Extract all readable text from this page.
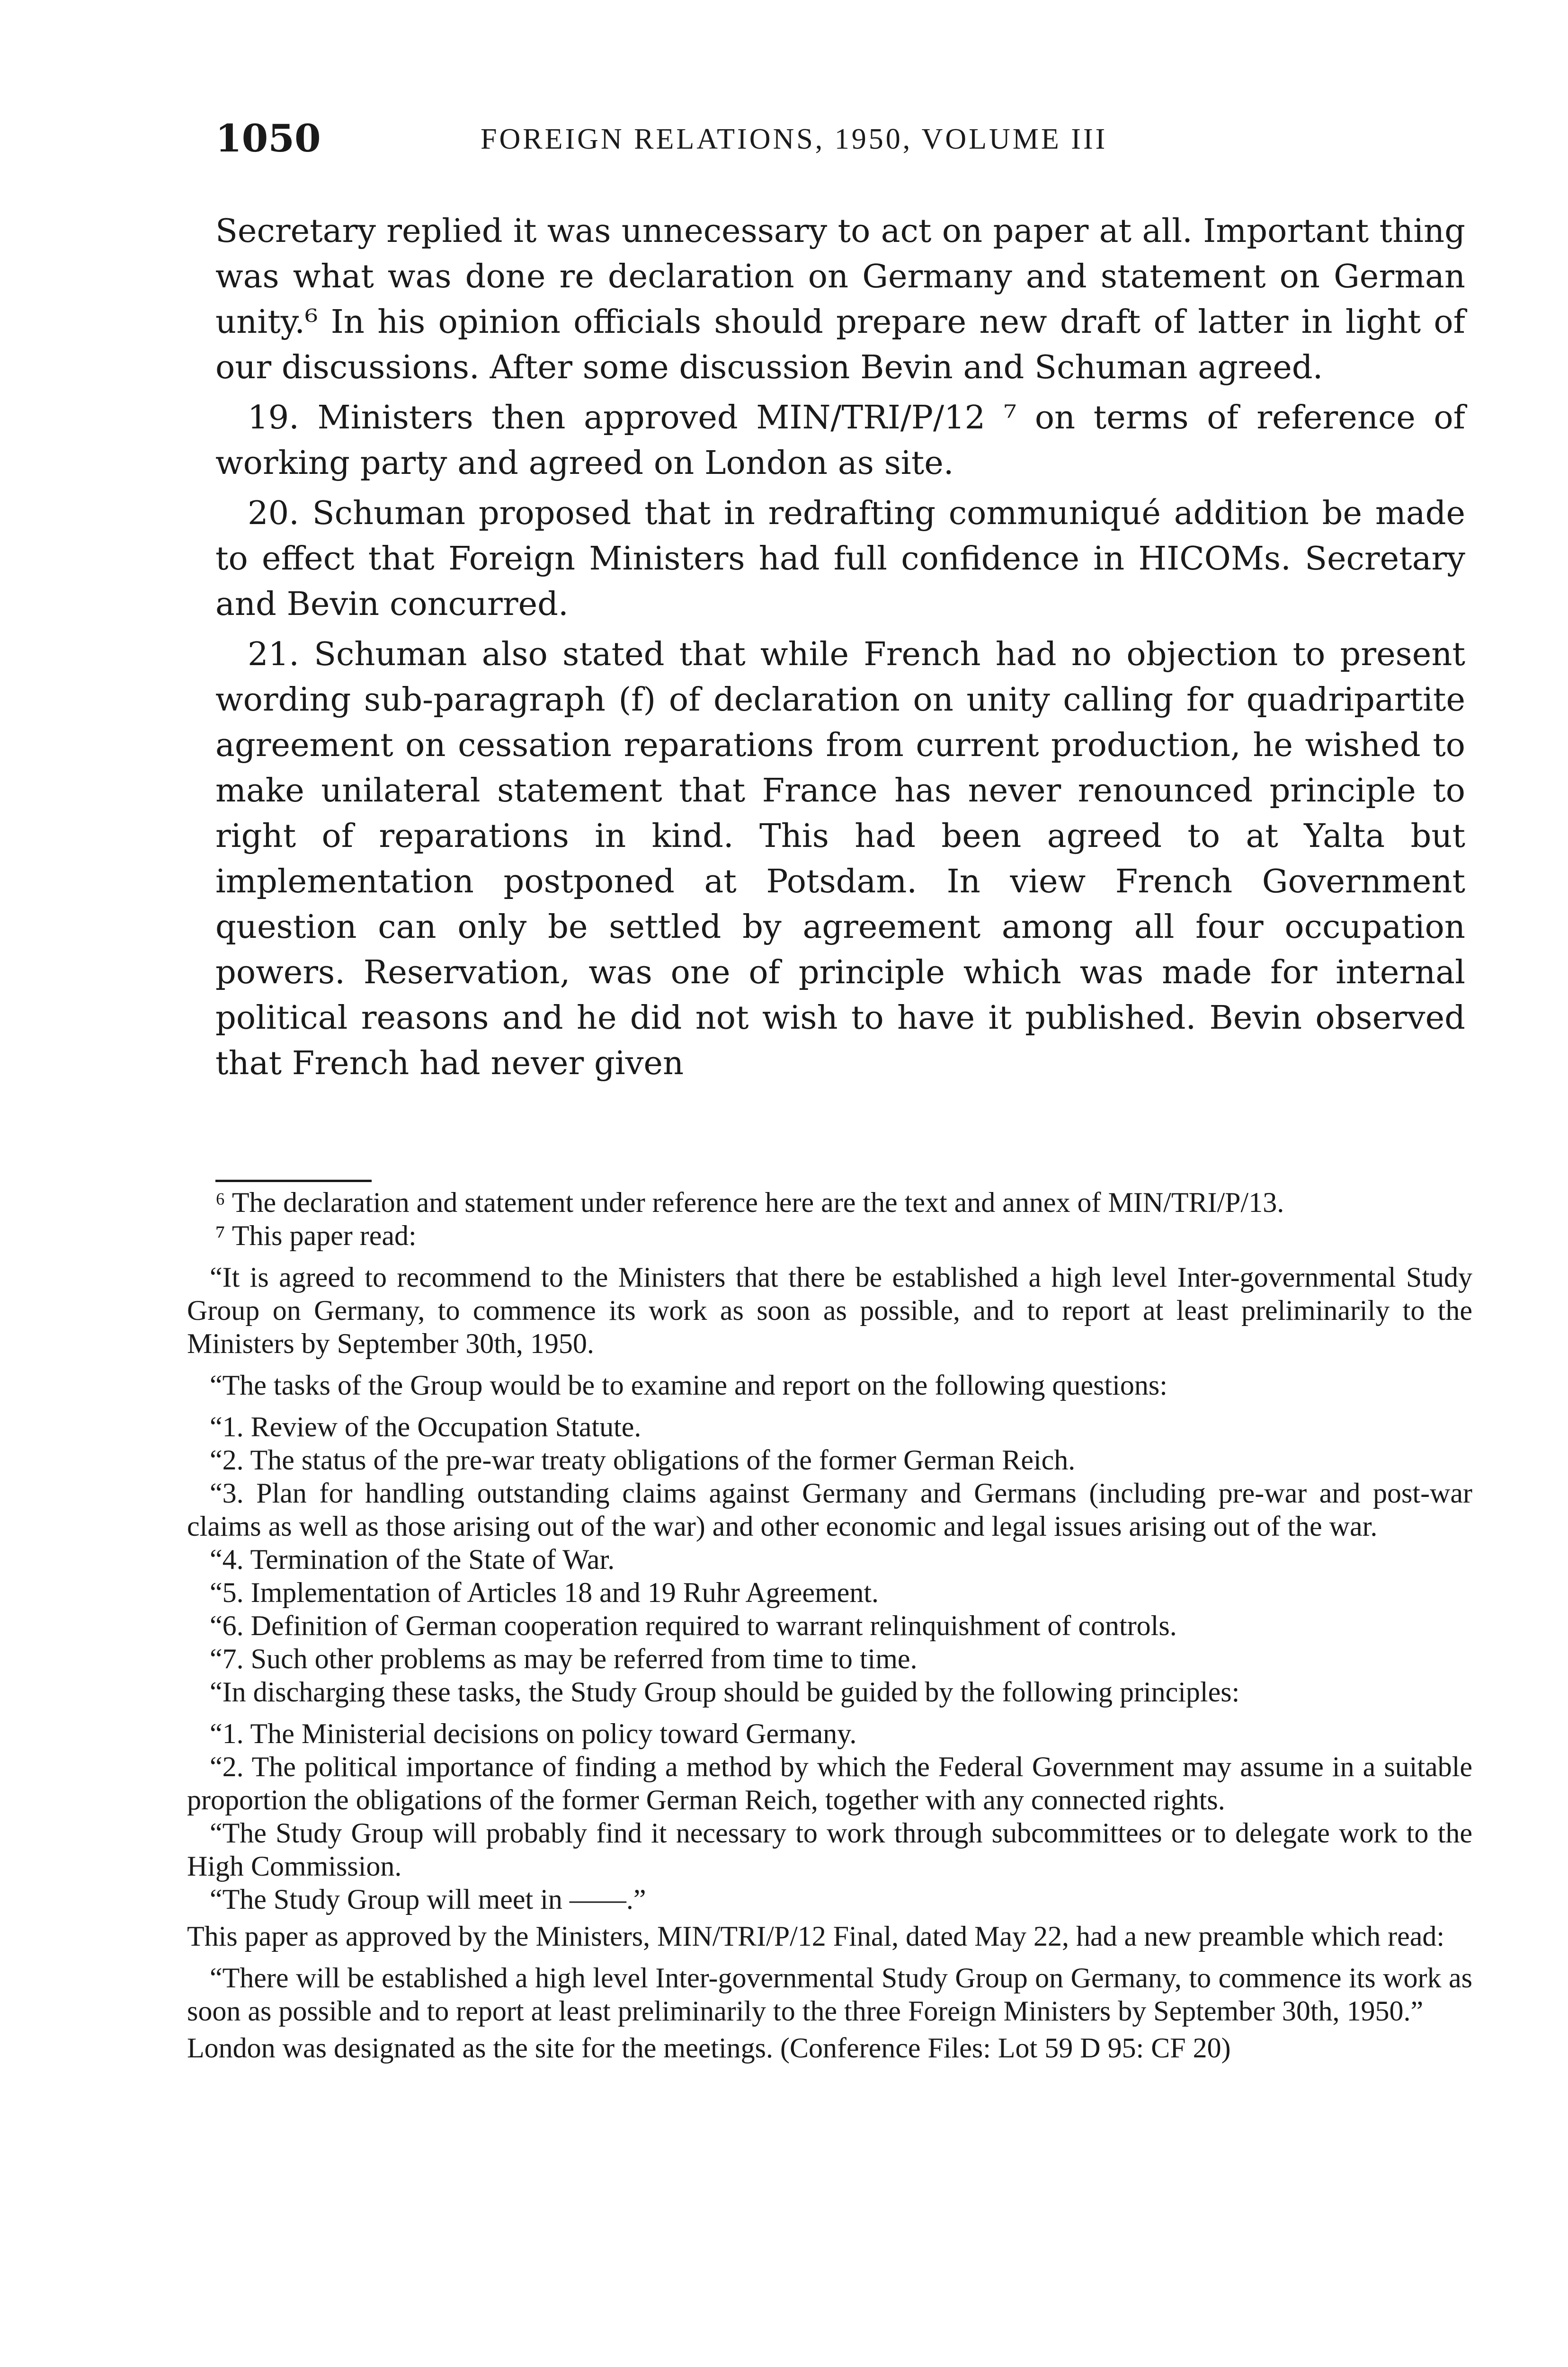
1050	FOREIGN RELATIONS, 1950, VOLUME III

Secretary replied it was unnecessary to act on paper at all. Important thing was what was done re declaration on Germany and statement on German unity.⁶ In his opinion officials should prepare new draft of latter in light of our discussions. After some discussion Bevin and Schuman agreed.

19. Ministers then approved MIN/TRI/P/12 ⁷ on terms of reference of working party and agreed on London as site.

20. Schuman proposed that in redrafting communiqué addition be made to effect that Foreign Ministers had full confidence in HICOMs. Secretary and Bevin concurred.

21. Schuman also stated that while French had no objection to present wording sub-paragraph (f) of declaration on unity calling for quadripartite agreement on cessation reparations from current production, he wished to make unilateral statement that France has never renounced principle to right of reparations in kind. This had been agreed to at Yalta but implementation postponed at Potsdam. In view French Government question can only be settled by agreement among all four occupation powers. Reservation, was one of principle which was made for internal political reasons and he did not wish to have it published. Bevin observed that French had never given

⁶ The declaration and statement under reference here are the text and annex of MIN/TRI/P/13.

⁷ This paper read:

“It is agreed to recommend to the Ministers that there be established a high level Inter-governmental Study Group on Germany, to commence its work as soon as possible, and to report at least preliminarily to the Ministers by September 30th, 1950.

“The tasks of the Group would be to examine and report on the following questions:

“1. Review of the Occupation Statute.

“2. The status of the pre-war treaty obligations of the former German Reich.

“3. Plan for handling outstanding claims against Germany and Germans (including pre-war and post-war claims as well as those arising out of the war) and other economic and legal issues arising out of the war.

“4. Termination of the State of War.

“5. Implementation of Articles 18 and 19 Ruhr Agreement.

“6. Definition of German cooperation required to warrant relinquishment of controls.

“7. Such other problems as may be referred from time to time.

“In discharging these tasks, the Study Group should be guided by the following principles:

“1. The Ministerial decisions on policy toward Germany.

“2. The political importance of finding a method by which the Federal Government may assume in a suitable proportion the obligations of the former German Reich, together with any connected rights.

“The Study Group will probably find it necessary to work through subcommittees or to delegate work to the High Commission.

“The Study Group will meet in ——.”

This paper as approved by the Ministers, MIN/TRI/P/12 Final, dated May 22, had a new preamble which read:

“There will be established a high level Inter-governmental Study Group on Germany, to commence its work as soon as possible and to report at least preliminarily to the three Foreign Ministers by September 30th, 1950.”

London was designated as the site for the meetings. (Conference Files: Lot 59 D 95: CF 20)
